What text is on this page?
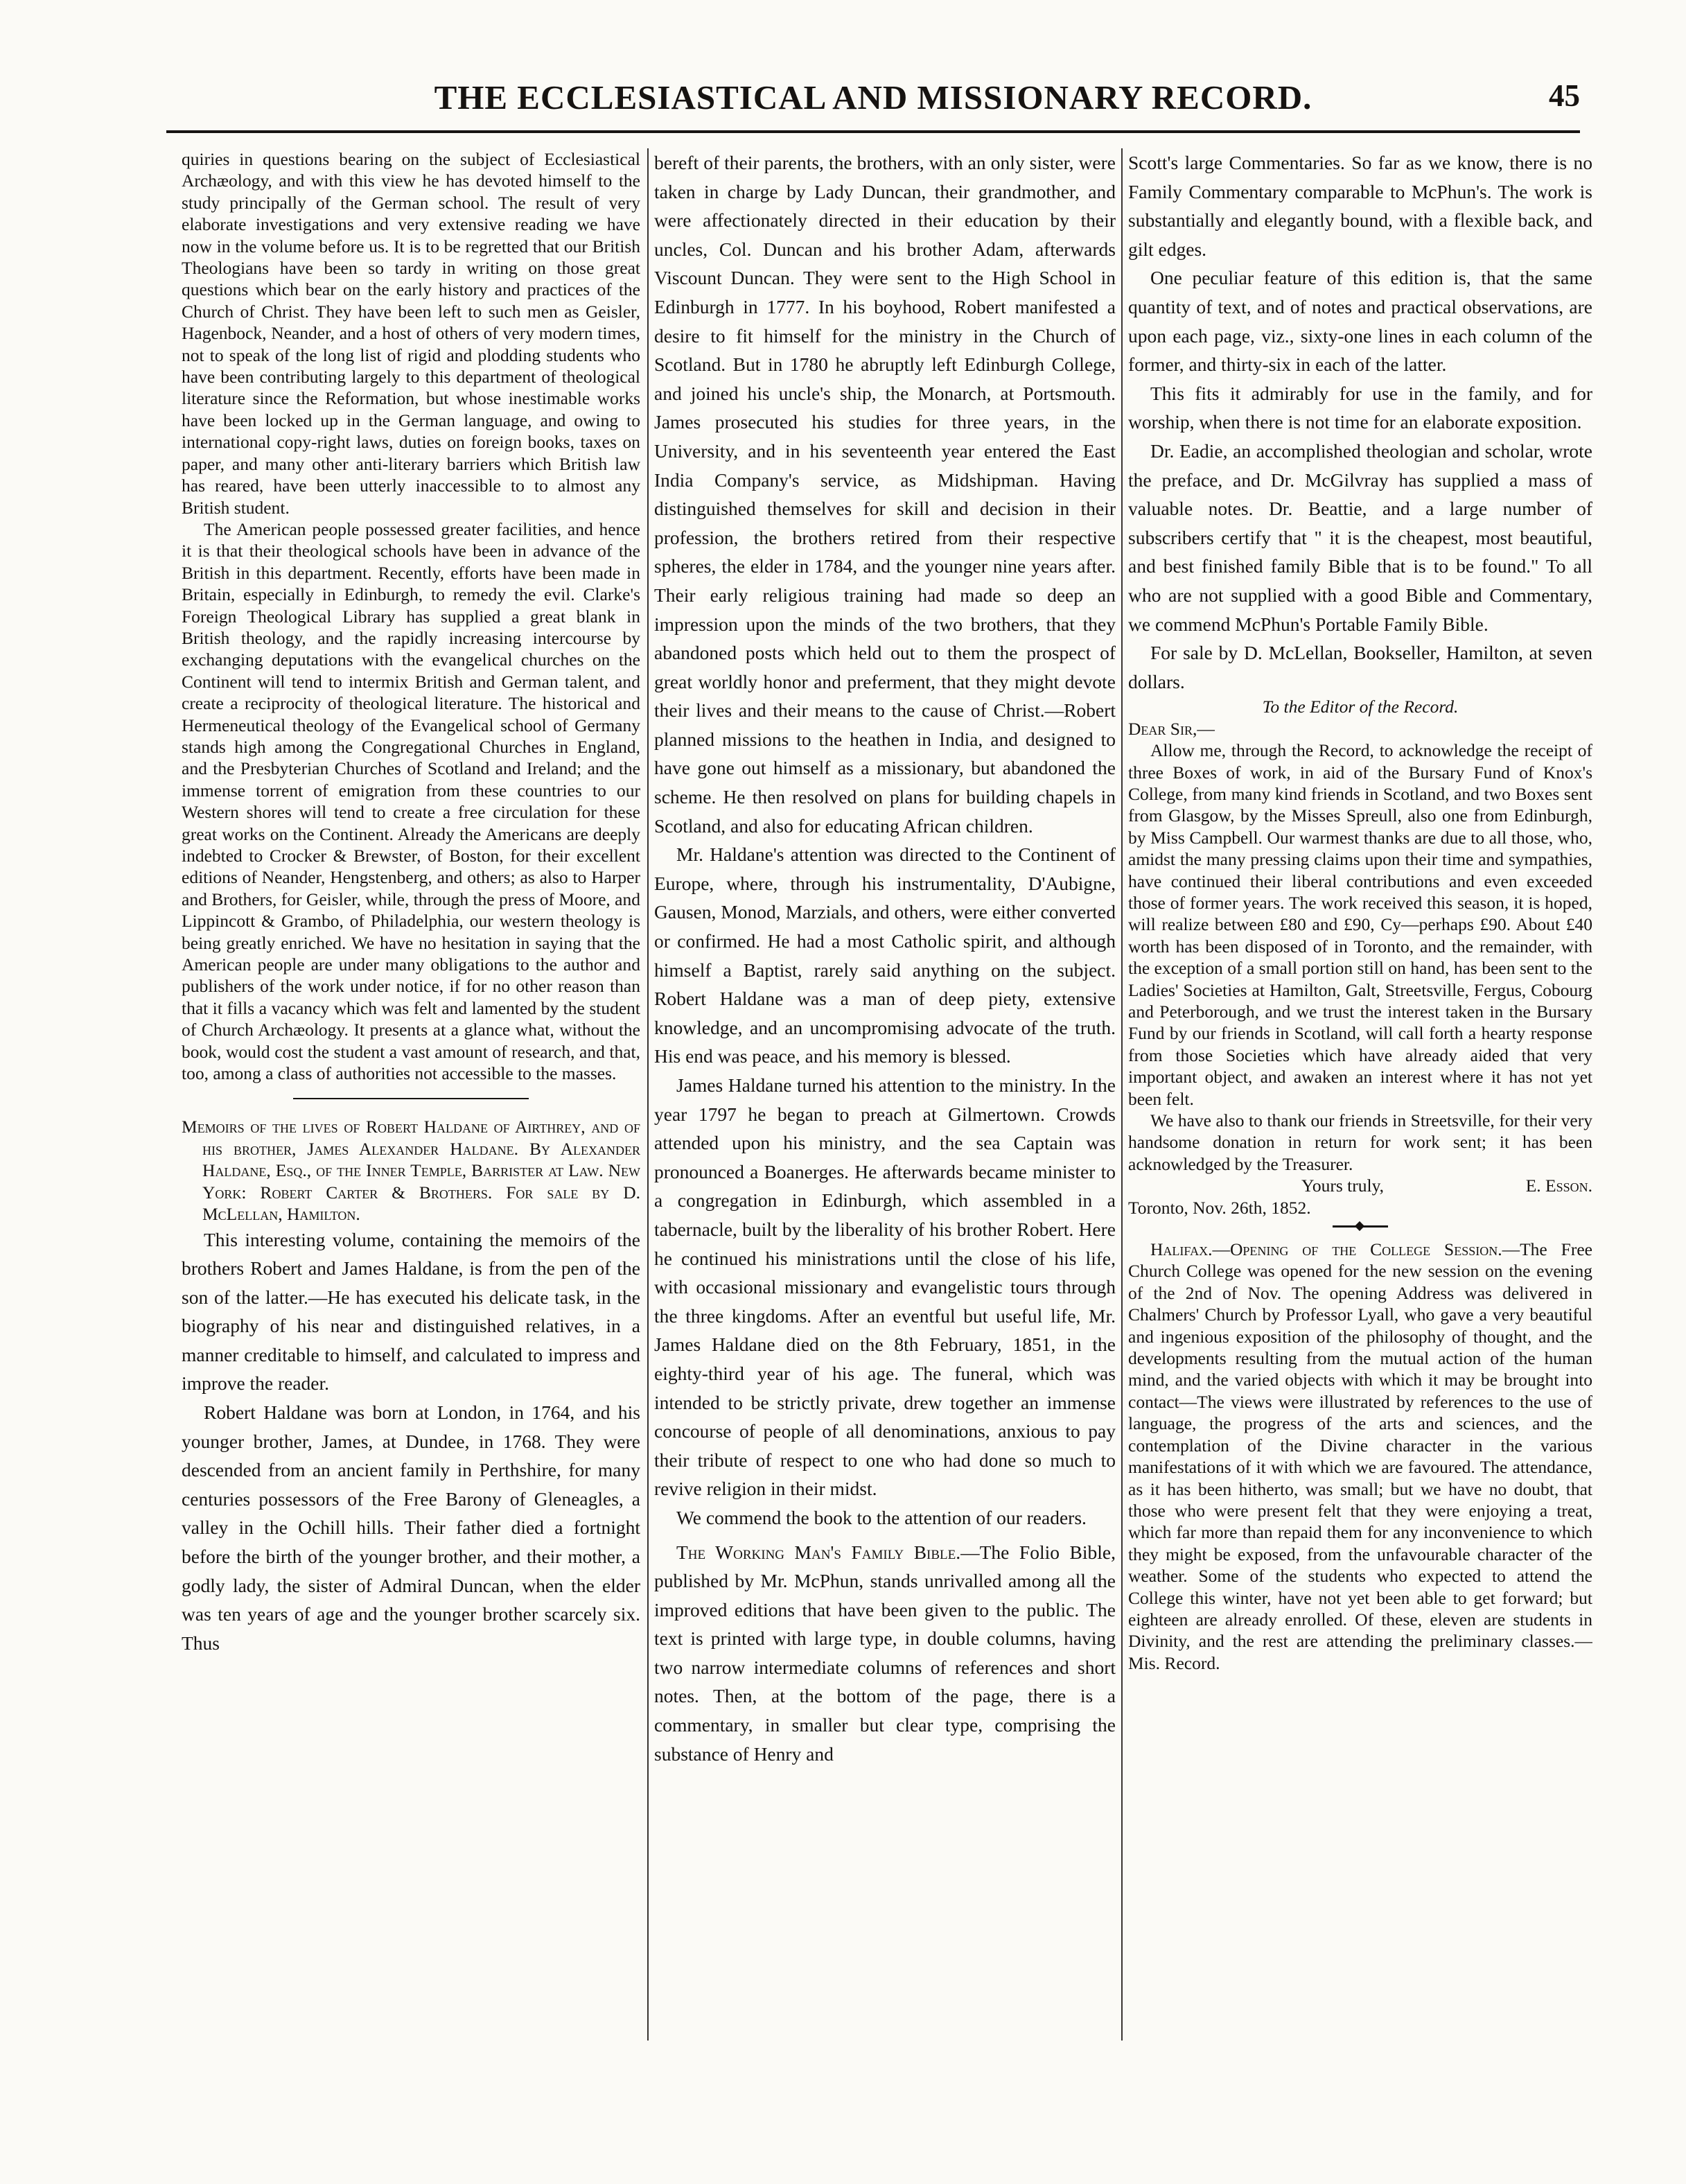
THE ECCLESIASTICAL AND MISSIONARY RECORD.	45

quiries in questions bearing on the subject of Ecclesiastical Archæology, and with this view he has devoted himself to the study principally of the German school. The result of very elaborate investigations and very extensive reading we have now in the volume before us. It is to be regretted that our British Theologians have been so tardy in writing on those great questions which bear on the early history and practices of the Church of Christ. They have been left to such men as Geisler, Hagenbock, Neander, and a host of others of very modern times, not to speak of the long list of rigid and plodding students who have been contributing largely to this department of theological literature since the Reformation, but whose inestimable works have been locked up in the German language, and owing to international copy-right laws, duties on foreign books, taxes on paper, and many other anti-literary barriers which British law has reared, have been utterly inaccessible to to almost any British student.

The American people possessed greater facilities, and hence it is that their theological schools have been in advance of the British in this department. Recently, efforts have been made in Britain, especially in Edinburgh, to remedy the evil. Clarke's Foreign Theological Library has supplied a great blank in British theology, and the rapidly increasing intercourse by exchanging deputations with the evangelical churches on the Continent will tend to intermix British and German talent, and create a reciprocity of theological literature. The historical and Hermeneutical theology of the Evangelical school of Germany stands high among the Congregational Churches in England, and the Presbyterian Churches of Scotland and Ireland; and the immense torrent of emigration from these countries to our Western shores will tend to create a free circulation for these great works on the Continent. Already the Americans are deeply indebted to Crocker & Brewster, of Boston, for their excellent editions of Neander, Hengstenberg, and others; as also to Harper and Brothers, for Geisler, while, through the press of Moore, and Lippincott & Grambo, of Philadelphia, our western theology is being greatly enriched. We have no hesitation in saying that the American people are under many obligations to the author and publishers of the work under notice, if for no other reason than that it fills a vacancy which was felt and lamented by the student of Church Archæology. It presents at a glance what, without the book, would cost the student a vast amount of research, and that, too, among a class of authorities not accessible to the masses.

Memoirs of the lives of Robert Haldane of Airthrey, and of his brother, James Alexander Haldane. By Alexander Haldane, Esq., of the Inner Temple, Barrister at Law. New York: Robert Carter & Brothers. For sale by D. McLellan, Hamilton.

This interesting volume, containing the memoirs of the brothers Robert and James Haldane, is from the pen of the son of the latter.—He has executed his delicate task, in the biography of his near and distinguished relatives, in a manner creditable to himself, and calculated to impress and improve the reader.

Robert Haldane was born at London, in 1764, and his younger brother, James, at Dundee, in 1768. They were descended from an ancient family in Perthshire, for many centuries possessors of the Free Barony of Gleneagles, a valley in the Ochill hills. Their father died a fortnight before the birth of the younger brother, and their mother, a godly lady, the sister of Admiral Duncan, when the elder was ten years of age and the younger brother scarcely six. Thus

bereft of their parents, the brothers, with an only sister, were taken in charge by Lady Duncan, their grandmother, and were affectionately directed in their education by their uncles, Col. Duncan and his brother Adam, afterwards Viscount Duncan. They were sent to the High School in Edinburgh in 1777. In his boyhood, Robert manifested a desire to fit himself for the ministry in the Church of Scotland. But in 1780 he abruptly left Edinburgh College, and joined his uncle's ship, the Monarch, at Portsmouth. James prosecuted his studies for three years, in the University, and in his seventeenth year entered the East India Company's service, as Midshipman. Having distinguished themselves for skill and decision in their profession, the brothers retired from their respective spheres, the elder in 1784, and the younger nine years after. Their early religious training had made so deep an impression upon the minds of the two brothers, that they abandoned posts which held out to them the prospect of great worldly honor and preferment, that they might devote their lives and their means to the cause of Christ.—Robert planned missions to the heathen in India, and designed to have gone out himself as a missionary, but abandoned the scheme. He then resolved on plans for building chapels in Scotland, and also for educating African children.

Mr. Haldane's attention was directed to the Continent of Europe, where, through his instrumentality, D'Aubigne, Gausen, Monod, Marzials, and others, were either converted or confirmed. He had a most Catholic spirit, and although himself a Baptist, rarely said anything on the subject. Robert Haldane was a man of deep piety, extensive knowledge, and an uncompromising advocate of the truth. His end was peace, and his memory is blessed.

James Haldane turned his attention to the ministry. In the year 1797 he began to preach at Gilmertown. Crowds attended upon his ministry, and the sea Captain was pronounced a Boanerges. He afterwards became minister to a congregation in Edinburgh, which assembled in a tabernacle, built by the liberality of his brother Robert. Here he continued his ministrations until the close of his life, with occasional missionary and evangelistic tours through the three kingdoms. After an eventful but useful life, Mr. James Haldane died on the 8th February, 1851, in the eighty-third year of his age. The funeral, which was intended to be strictly private, drew together an immense concourse of people of all denominations, anxious to pay their tribute of respect to one who had done so much to revive religion in their midst.

We commend the book to the attention of our readers.

The Working Man's Family Bible.—The Folio Bible, published by Mr. McPhun, stands unrivalled among all the improved editions that have been given to the public. The text is printed with large type, in double columns, having two narrow intermediate columns of references and short notes. Then, at the bottom of the page, there is a commentary, in smaller but clear type, comprising the substance of Henry and

Scott's large Commentaries. So far as we know, there is no Family Commentary comparable to McPhun's. The work is substantially and elegantly bound, with a flexible back, and gilt edges.

One peculiar feature of this edition is, that the same quantity of text, and of notes and practical observations, are upon each page, viz., sixty-one lines in each column of the former, and thirty-six in each of the latter.

This fits it admirably for use in the family, and for worship, when there is not time for an elaborate exposition.

Dr. Eadie, an accomplished theologian and scholar, wrote the preface, and Dr. McGilvray has supplied a mass of valuable notes. Dr. Beattie, and a large number of subscribers certify that " it is the cheapest, most beautiful, and best finished family Bible that is to be found." To all who are not supplied with a good Bible and Commentary, we commend McPhun's Portable Family Bible.

For sale by D. McLellan, Bookseller, Hamilton, at seven dollars.

To the Editor of the Record.

Dear Sir,—

Allow me, through the Record, to acknowledge the receipt of three Boxes of work, in aid of the Bursary Fund of Knox's College, from many kind friends in Scotland, and two Boxes sent from Glasgow, by the Misses Spreull, also one from Edinburgh, by Miss Campbell. Our warmest thanks are due to all those, who, amidst the many pressing claims upon their time and sympathies, have continued their liberal contributions and even exceeded those of former years. The work received this season, it is hoped, will realize between £80 and £90, Cy—perhaps £90. About £40 worth has been disposed of in Toronto, and the remainder, with the exception of a small portion still on hand, has been sent to the Ladies' Societies at Hamilton, Galt, Streetsville, Fergus, Cobourg and Peterborough, and we trust the interest taken in the Bursary Fund by our friends in Scotland, will call forth a hearty response from those Societies which have already aided that very important object, and awaken an interest where it has not yet been felt.

We have also to thank our friends in Streetsville, for their very handsome donation in return for work sent; it has been acknowledged by the Treasurer.

Yours truly,	E. Esson.

Toronto, Nov. 26th, 1852.

Halifax.—Opening of the College Session.—The Free Church College was opened for the new session on the evening of the 2nd of Nov. The opening Address was delivered in Chalmers' Church by Professor Lyall, who gave a very beautiful and ingenious exposition of the philosophy of thought, and the developments resulting from the mutual action of the human mind, and the varied objects with which it may be brought into contact—The views were illustrated by references to the use of language, the progress of the arts and sciences, and the contemplation of the Divine character in the various manifestations of it with which we are favoured. The attendance, as it has been hitherto, was small; but we have no doubt, that those who were present felt that they were enjoying a treat, which far more than repaid them for any inconvenience to which they might be exposed, from the unfavourable character of the weather. Some of the students who expected to attend the College this winter, have not yet been able to get forward; but eighteen are already enrolled. Of these, eleven are students in Divinity, and the rest are attending the preliminary classes.—Mis. Record.
